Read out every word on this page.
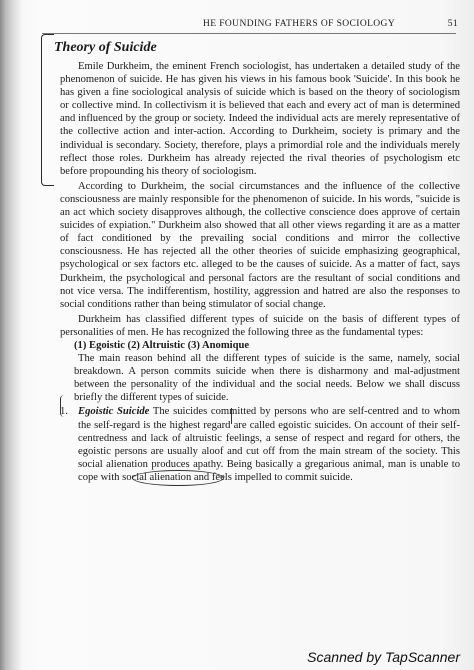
HE FOUNDING FATHERS OF SOCIOLOGY	51
Theory of Suicide

Emile Durkheim, the eminent French sociologist, has undertaken a detailed study of the phenomenon of suicide. He has given his views in his famous book 'Suicide'. In this book he has given a fine sociological analysis of suicide which is based on the theory of sociologism or collective mind. In collectivism it is believed that each and every act of man is determined and influenced by the group or society. Indeed the individual acts are merely representative of the collective action and inter-action. According to Durkheim, society is primary and the individual is secondary. Society, therefore, plays a primordial role and the individuals merely reflect those roles. Durkheim has already rejected the rival theories of psychologism etc before propounding his theory of sociologism.

According to Durkheim, the social circumstances and the influence of the collective consciousness are mainly responsible for the phenomenon of suicide. In his words, "suicide is an act which society disapproves although, the collective conscience does approve of certain suicides of expiation." Durkheim also showed that all other views regarding it are as a matter of fact conditioned by the prevailing social conditions and mirror the collective consciousness. He has rejected all the other theories of suicide emphasizing geographical, psychological or sex factors etc. alleged to be the causes of suicide. As a matter of fact, says Durkheim, the psychological and personal factors are the resultant of social conditions and not vice versa. The indifferentism, hostility, aggression and hatred are also the responses to social conditions rather than being stimulator of social change.

Durkheim has classified different types of suicide on the basis of different types of personalities of men. He has recognized the following three as the fundamental types:

(1) Egoistic (2) Altruistic (3) Anomique

The main reason behind all the different types of suicide is the same, namely, social breakdown. A person commits suicide when there is disharmony and mal-adjustment between the personality of the individual and the social needs. Below we shall discuss briefly the different types of suicide.

1. Egoistic Suicide The suicides committed by persons who are self-centred and to whom the self-regard is the highest regard are called egoistic suicides. On account of their self-centredness and lack of altruistic feelings, a sense of respect and regard for others, the egoistic persons are usually aloof and cut off from the main stream of the society. This social alienation produces apathy. Being basically a gregarious animal, man is unable to cope with social alienation and feels impelled to commit suicide.

Scanned by TapScanner
